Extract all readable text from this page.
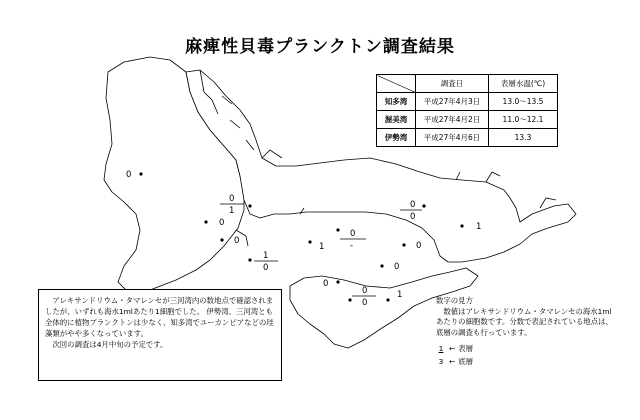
麻痺性貝毒プランクトン調査結果
0
0
1
0
0
1
0
0
-
1
0
0
1
0
0
0
0
0
1
	調査日	表層水温(℃)
知多湾	平成27年4月3日	13.0〜13.5
渥美湾	平成27年4月2日	11.0〜12.1
伊勢湾	平成27年4月6日	13.3

アレキサンドリウム・タマレンセが三河湾内の数地点で確認されましたが、いずれも海水1mlあたり1細胞でした。 伊勢湾、三河湾とも全体的に植物プランクトンは少なく、知多湾でユーカンピアなどの珪藻類がやや多くなっています。

次回の調査は4月中旬の予定です。

数字の見方
数値はアレキサンドリウム・タマレンセの海水1mlあたりの細胞数です。分数で表記されている地点は、底層の調査も行っています。
1 ← 表層
3 ← 底層
